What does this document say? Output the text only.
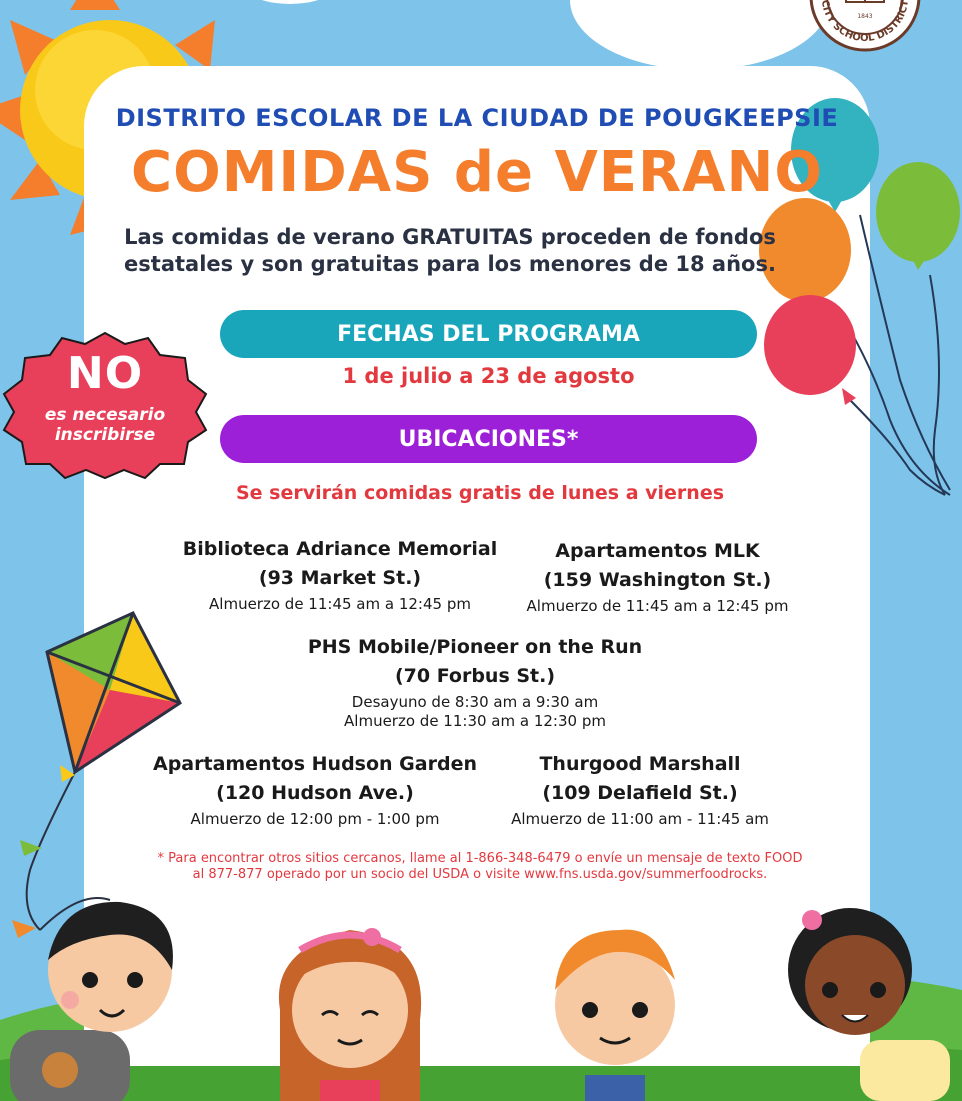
1843
CITY SCHOOL DISTRICT
NO
es necesario
inscribirse
DISTRITO ESCOLAR DE LA CIUDAD DE POUGKEEPSIE
COMIDAS de VERANO
Las comidas de verano GRATUITAS proceden de fondos estatales y son gratuitas para los menores de 18 años.
FECHAS DEL PROGRAMA
1 de julio a 23 de agosto
UBICACIONES*
Se servirán comidas gratis de lunes a viernes
Biblioteca Adriance Memorial
(93 Market St.)
Almuerzo de 11:45 am a 12:45 pm
Apartamentos MLK
(159 Washington St.)
Almuerzo de 11:45 am a 12:45 pm
PHS Mobile/Pioneer on the Run
(70 Forbus St.)
Desayuno de 8:30 am a 9:30 am
Almuerzo de 11:30 am a 12:30 pm
Apartamentos Hudson Garden
(120 Hudson Ave.)
Almuerzo de 12:00 pm - 1:00 pm
Thurgood Marshall
(109 Delafield St.)
Almuerzo de 11:00 am - 11:45 am
* Para encontrar otros sitios cercanos, llame al 1-866-348-6479 o envíe un mensaje de texto FOOD al 877-877 operado por un socio del USDA o visite www.fns.usda.gov/summerfoodrocks.
